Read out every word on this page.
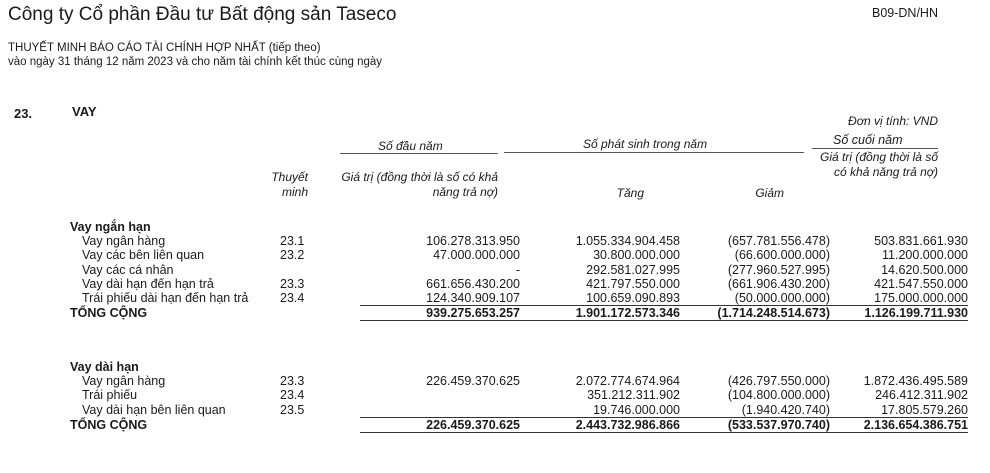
Công ty Cổ phần Đầu tư Bất động sản Taseco	B09-DN/HN
THUYẾT MINH BÁO CÁO TÀI CHÍNH HỢP NHẤT (tiếp theo)
vào ngày 31 tháng 12 năm 2023 và cho năm tài chính kết thúc cùng ngày
23.	VAY
Đơn vị tính: VND
Số đầu năm	Số phát sinh trong năm	Số cuối năm
Thuyết minh
Giá trị (đồng thời là số có khả năng trả nợ)	Tăng	Giảm
Giá trị (đồng thời là số có khả năng trả nợ)
Vay ngắn hạn					
Vay ngân hàng	23.1	106.278.313.950	1.055.334.904.458	(657.781.556.478)	503.831.661.930
Vay các bên liên quan	23.2	47.000.000.000	30.800.000.000	(66.600.000.000)	11.200.000.000
Vay các cá nhân		-	292.581.027.995	(277.960.527.995)	14.620.500.000
Vay dài hạn đến hạn trả	23.3	661.656.430.200	421.797.550.000	(661.906.430.200)	421.547.550.000
Trái phiếu dài hạn đến hạn trả	23.4	124.340.909.107	100.659.090.893	(50.000.000.000)	175.000.000.000
TỔNG CỘNG		939.275.653.257	1.901.172.573.346	(1.714.248.514.673)	1.126.199.711.930
Vay dài hạn					
Vay ngân hàng	23.3	226.459.370.625	2.072.774.674.964	(426.797.550.000)	1.872.436.495.589
Trái phiếu	23.4		351.212.311.902	(104.800.000.000)	246.412.311.902
Vay dài hạn bên liên quan	23.5		19.746.000.000	(1.940.420.740)	17.805.579.260
TỔNG CỘNG		226.459.370.625	2.443.732.986.866	(533.537.970.740)	2.136.654.386.751
